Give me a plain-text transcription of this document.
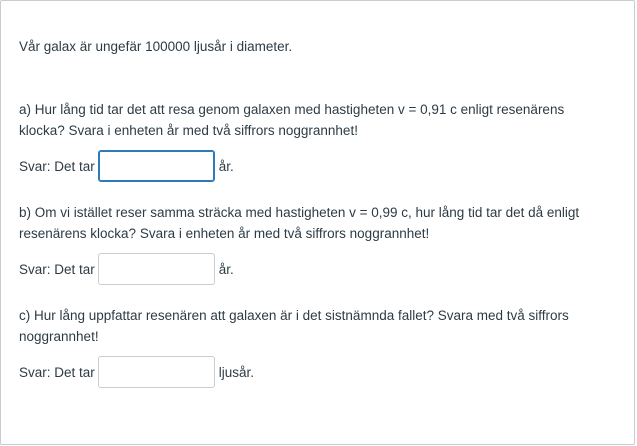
Vår galax är ungefär 100000 ljusår i diameter.
a) Hur lång tid tar det att resa genom galaxen med hastigheten v = 0,91 c enligt resenärens
klocka? Svara i enheten år med två siffrors noggrannhet!
Svar: Det tar	år.
b) Om vi istället reser samma sträcka med hastigheten v = 0,99 c, hur lång tid tar det då enligt
resenärens klocka? Svara i enheten år med två siffrors noggrannhet!
Svar: Det tar	år.
c) Hur lång uppfattar resenären att galaxen är i det sistnämnda fallet? Svara med två siffrors
noggrannhet!
Svar: Det tar	ljusår.
